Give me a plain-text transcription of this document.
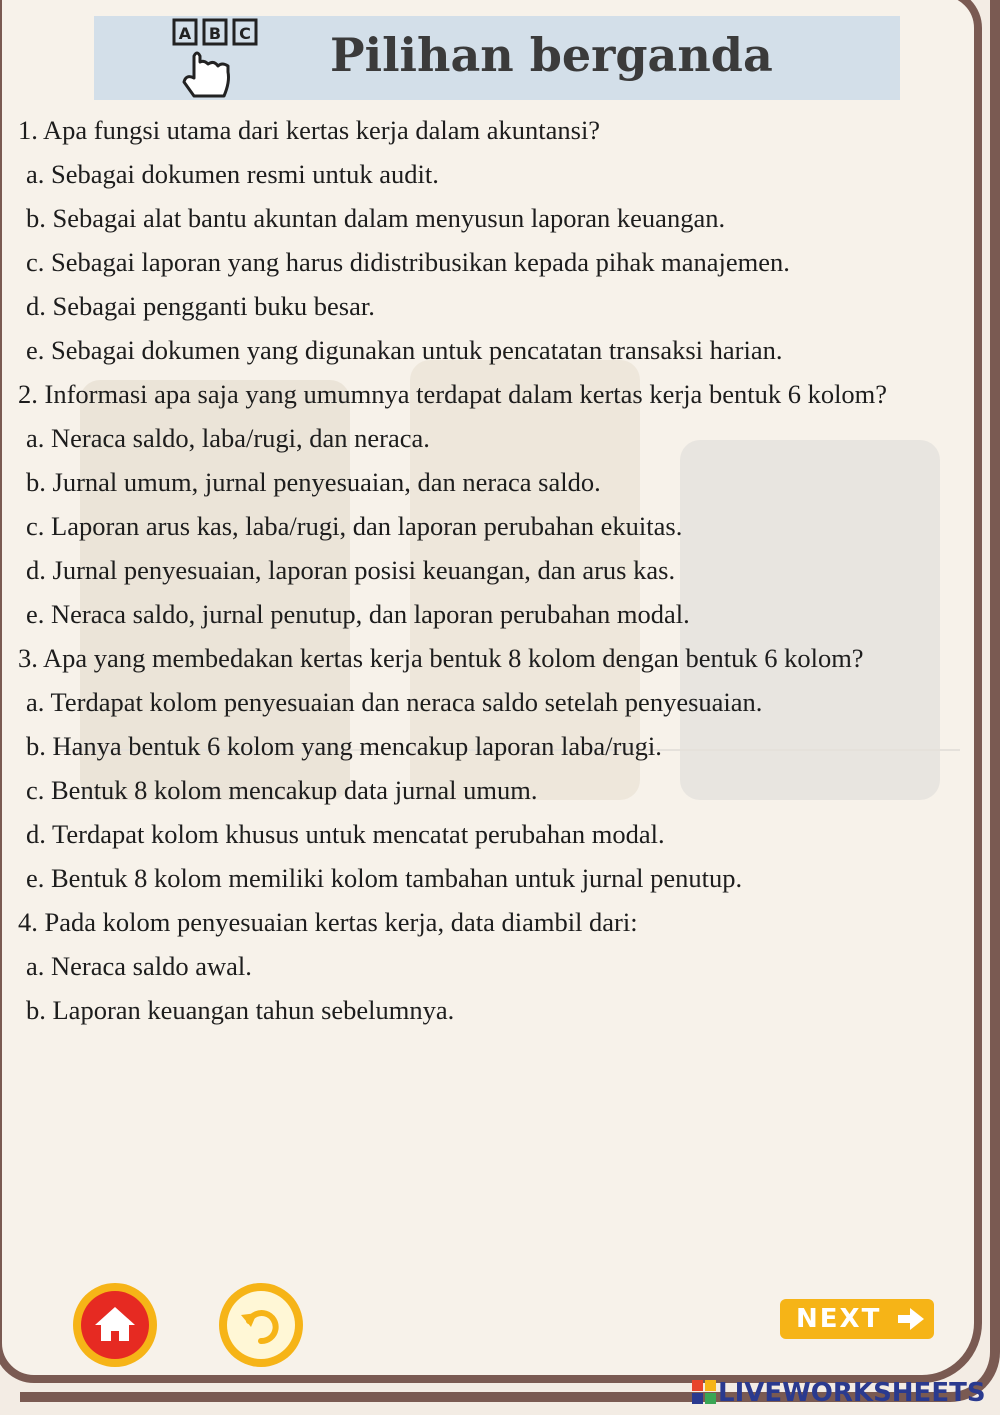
A B C Pilihan berganda

1. Apa fungsi utama dari kertas kerja dalam akuntansi?

a. Sebagai dokumen resmi untuk audit.

b. Sebagai alat bantu akuntan dalam menyusun laporan keuangan.

c. Sebagai laporan yang harus didistribusikan kepada pihak manajemen.

d. Sebagai pengganti buku besar.

e. Sebagai dokumen yang digunakan untuk pencatatan transaksi harian.

2. Informasi apa saja yang umumnya terdapat dalam kertas kerja bentuk 6 kolom?

a. Neraca saldo, laba/rugi, dan neraca.

b. Jurnal umum, jurnal penyesuaian, dan neraca saldo.

c. Laporan arus kas, laba/rugi, dan laporan perubahan ekuitas.

d. Jurnal penyesuaian, laporan posisi keuangan, dan arus kas.

e. Neraca saldo, jurnal penutup, dan laporan perubahan modal.

3. Apa yang membedakan kertas kerja bentuk 8 kolom dengan bentuk 6 kolom?

a. Terdapat kolom penyesuaian dan neraca saldo setelah penyesuaian.

b. Hanya bentuk 6 kolom yang mencakup laporan laba/rugi.

c. Bentuk 8 kolom mencakup data jurnal umum.

d. Terdapat kolom khusus untuk mencatat perubahan modal.

e. Bentuk 8 kolom memiliki kolom tambahan untuk jurnal penutup.

4. Pada kolom penyesuaian kertas kerja, data diambil dari:

a. Neraca saldo awal.

b. Laporan keuangan tahun sebelumnya.

NEXT
LIVEWORKSHEETS
